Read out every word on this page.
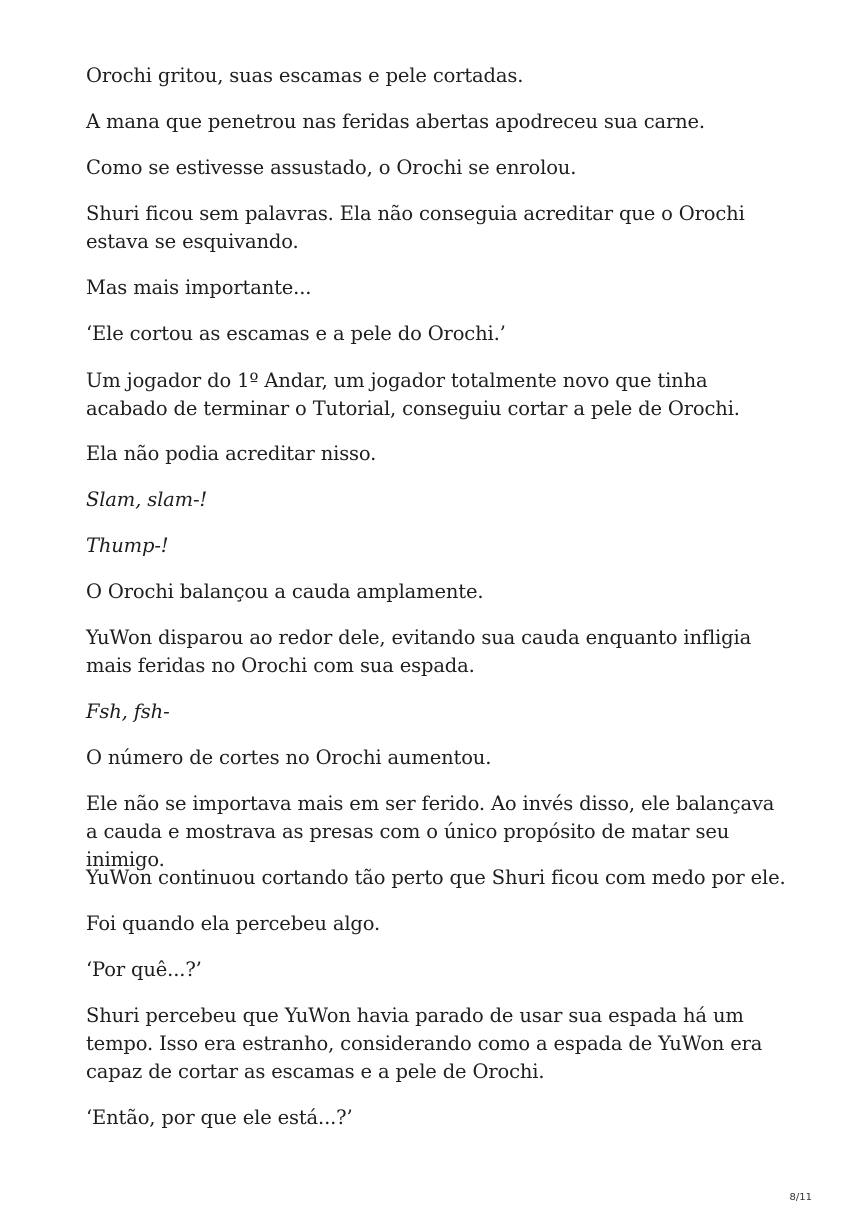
Orochi gritou, suas escamas e pele cortadas.

A mana que penetrou nas feridas abertas apodreceu sua carne.

Como se estivesse assustado, o Orochi se enrolou.

Shuri ficou sem palavras. Ela não conseguia acreditar que o Orochi estava se esquivando.

Mas mais importante...

‘Ele cortou as escamas e a pele do Orochi.’

Um jogador do 1º Andar, um jogador totalmente novo que tinha acabado de terminar o Tutorial, conseguiu cortar a pele de Orochi.

Ela não podia acreditar nisso.

Slam, slam-!

Thump-!

O Orochi balançou a cauda amplamente.

YuWon disparou ao redor dele, evitando sua cauda enquanto infligia mais feridas no Orochi com sua espada.

Fsh, fsh-

O número de cortes no Orochi aumentou.

Ele não se importava mais em ser ferido. Ao invés disso, ele balançava a cauda e mostrava as presas com o único propósito de matar seu inimigo.

YuWon continuou cortando tão perto que Shuri ficou com medo por ele.

Foi quando ela percebeu algo.

‘Por quê...?’

Shuri percebeu que YuWon havia parado de usar sua espada há um tempo. Isso era estranho, considerando como a espada de YuWon era capaz de cortar as escamas e a pele de Orochi.

‘Então, por que ele está...?’

8/11
